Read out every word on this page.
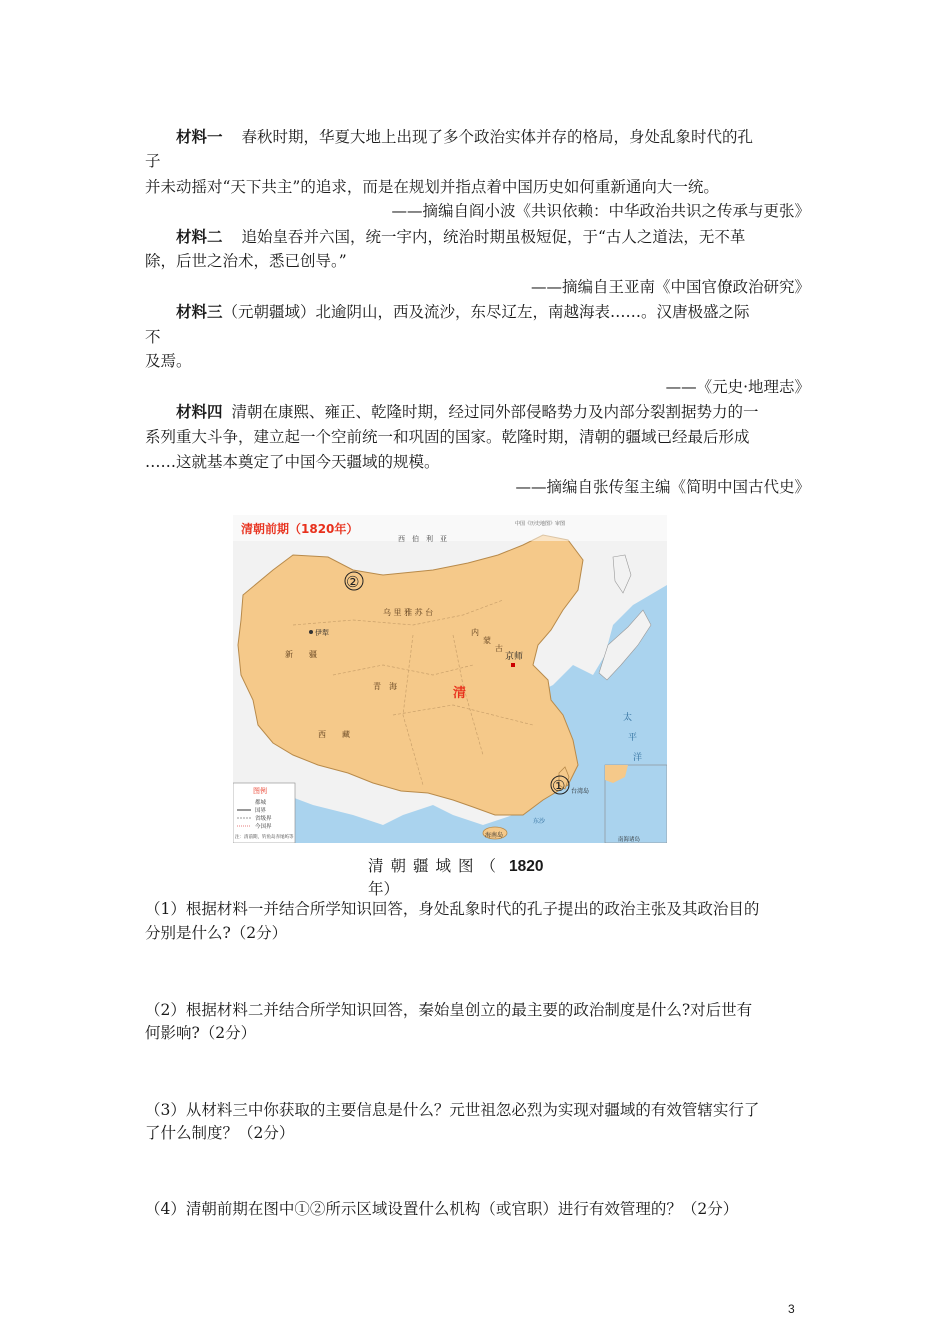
材料一 春秋时期，华夏大地上出现了多个政治实体并存的格局，身处乱象时代的孔
子
并未动摇对“天下共主”的追求，而是在规划并指点着中国历史如何重新通向大一统。
——摘编自阎小波《共识依赖：中华政治共识之传承与更张》
材料二 追始皇吞并六国，统一宇内，统治时期虽极短促，于“古人之道法，无不革
除，后世之治术，悉已创导。”
——摘编自王亚南《中国官僚政治研究》
材料三（元朝疆域）北逾阴山，西及流沙，东尽辽左，南越海表……。汉唐极盛之际
不
及焉。
——《元史·地理志》
材料四 清朝在康熙、雍正、乾隆时期，经过同外部侵略势力及内部分裂割据势力的一
系列重大斗争，建立起一个空前统一和巩固的国家。乾隆时期，清朝的疆域已经最后形成
……这就基本奠定了中国今天疆域的规模。
——摘编自张传玺主编《简明中国古代史》
清朝前期（1820年）	中国《历史地图》审图
西　伯　利　亚
乌 里 雅 苏 台
新　　疆
西　　藏
内
蒙
古
青　海	清
伊犁
京师
台湾岛
海南岛
太
平
洋
东沙
②
①
图例
都城
国界
省级界
今国界
注：清前期，钓鱼岛赤尾屿等	南海诸岛
清朝疆域图（ 1820
年）
（1）根据材料一并结合所学知识回答，身处乱象时代的孔子提出的政治主张及其政治目的
分别是什么?（2分）
（2）根据材料二并结合所学知识回答，秦始皇创立的最主要的政治制度是什么?对后世有
何影响?（2分）
（3）从材料三中你获取的主要信息是什么？元世祖忽必烈为实现对疆域的有效管辖实行了
了什么制度？（2分）
（4）清朝前期在图中①②所示区域设置什么机构（或官职）进行有效管理的？（2分）
3
